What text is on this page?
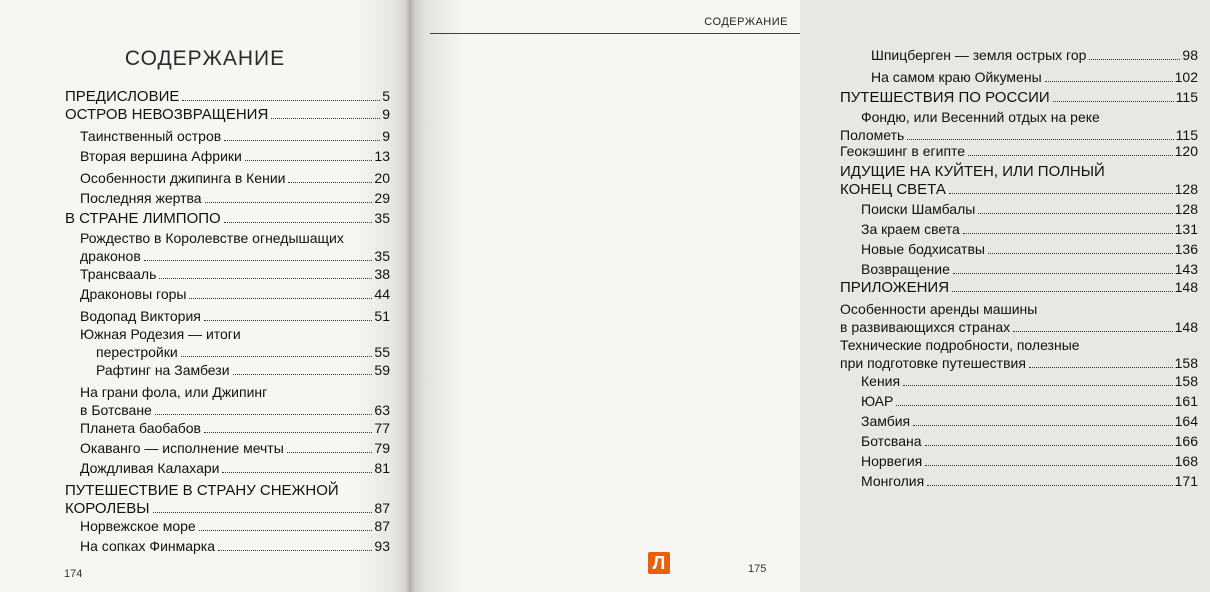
СОДЕРЖАНИЕ
ПРЕДИСЛОВИЕ	5
ОСТРОВ НЕВОЗВРАЩЕНИЯ	9
Таинственный остров	9
Вторая вершина Африки	13
Особенности джипинга в Кении	20
Последняя жертва	29
В СТРАНЕ ЛИМПОПО	35
Рождество в Королевстве огнедышащих
драконов	35
Трансвааль	38
Драконовы горы	44
Водопад Виктория	51
Южная Родезия — итоги
перестройки	55
Рафтинг на Замбези	59
На грани фола, или Джипинг
в Ботсване	63
Планета баобабов	77
Окаванго — исполнение мечты	79
Дождливая Калахари	81
ПУТЕШЕСТВИЕ В СТРАНУ СНЕЖНОЙ
КОРОЛЕВЫ	87
Норвежское море	87
На сопках Финмарка	93
174
СОДЕРЖАНИЕ
Шпицберген — земля острых гор	98
На самом краю Ойкумены	102
ПУТЕШЕСТВИЯ ПО РОССИИ	115
Фондю, или Весенний отдых на реке
Полометь	115
Геокэшинг в египте	120
ИДУЩИЕ НА КУЙТЕН, ИЛИ ПОЛНЫЙ
КОНЕЦ СВЕТА	128
Поиски Шамбалы	128
За краем света	131
Новые бодхисатвы	136
Возвращение	143
ПРИЛОЖЕНИЯ	148
Особенности аренды машины
в развивающихся странах	148
Технические подробности, полезные
при подготовке путешествия	158
Кения	158
ЮАР	161
Замбия	164
Ботсвана	166
Норвегия	168
Монголия	171
175
Л
